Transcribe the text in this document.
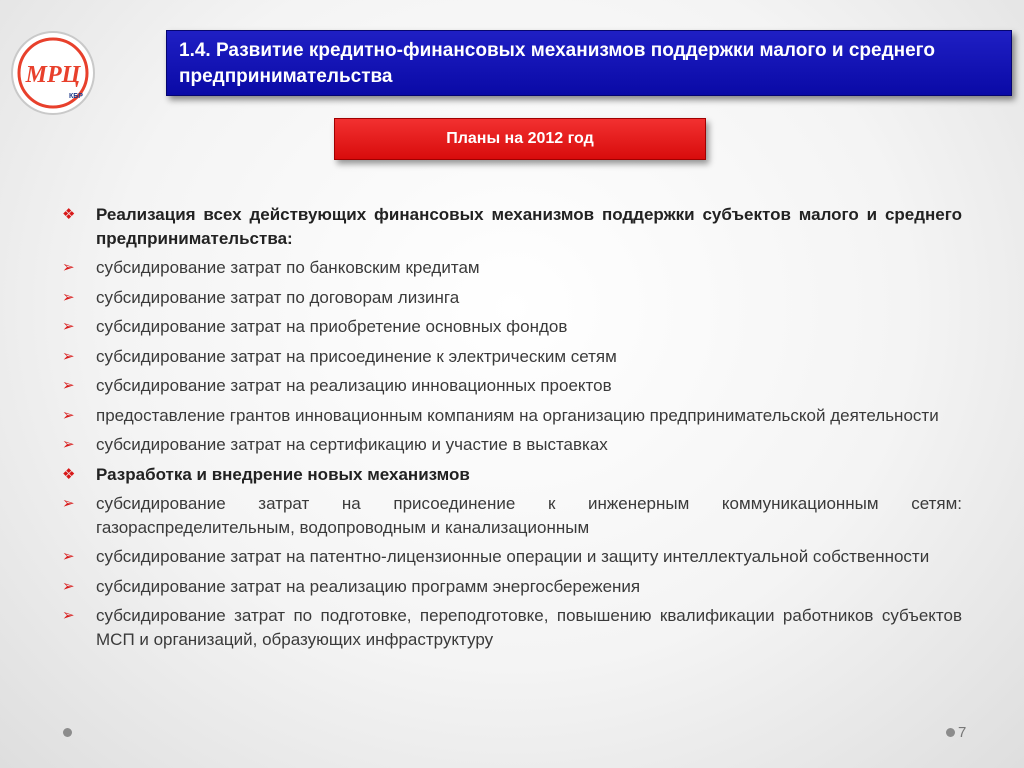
МРЦ
КБР
1.4. Развитие кредитно-финансовых механизмов поддержки малого и среднего предпринимательства
Планы на 2012 год
❖	Реализация всех действующих финансовых механизмов поддержки субъектов малого и среднего предпринимательства:
➢	субсидирование затрат по банковским кредитам
➢	субсидирование затрат по договорам лизинга
➢	субсидирование затрат на приобретение основных фондов
➢	субсидирование затрат на присоединение к электрическим сетям
➢	субсидирование затрат на реализацию инновационных проектов
➢	предоставление грантов инновационным компаниям на организацию предпринимательской деятельности
➢	субсидирование затрат на сертификацию и участие в выставках
❖	Разработка и внедрение новых механизмов
➢	субсидирование затрат на присоединение к инженерным коммуникационным сетям: газораспределительным, водопроводным и канализационным
➢	субсидирование затрат на патентно-лицензионные операции и защиту интеллектуальной собственности
➢	субсидирование затрат на реализацию программ энергосбережения
➢	субсидирование затрат по подготовке, переподготовке, повышению квалификации работников субъектов МСП и организаций, образующих инфраструктуру
7
